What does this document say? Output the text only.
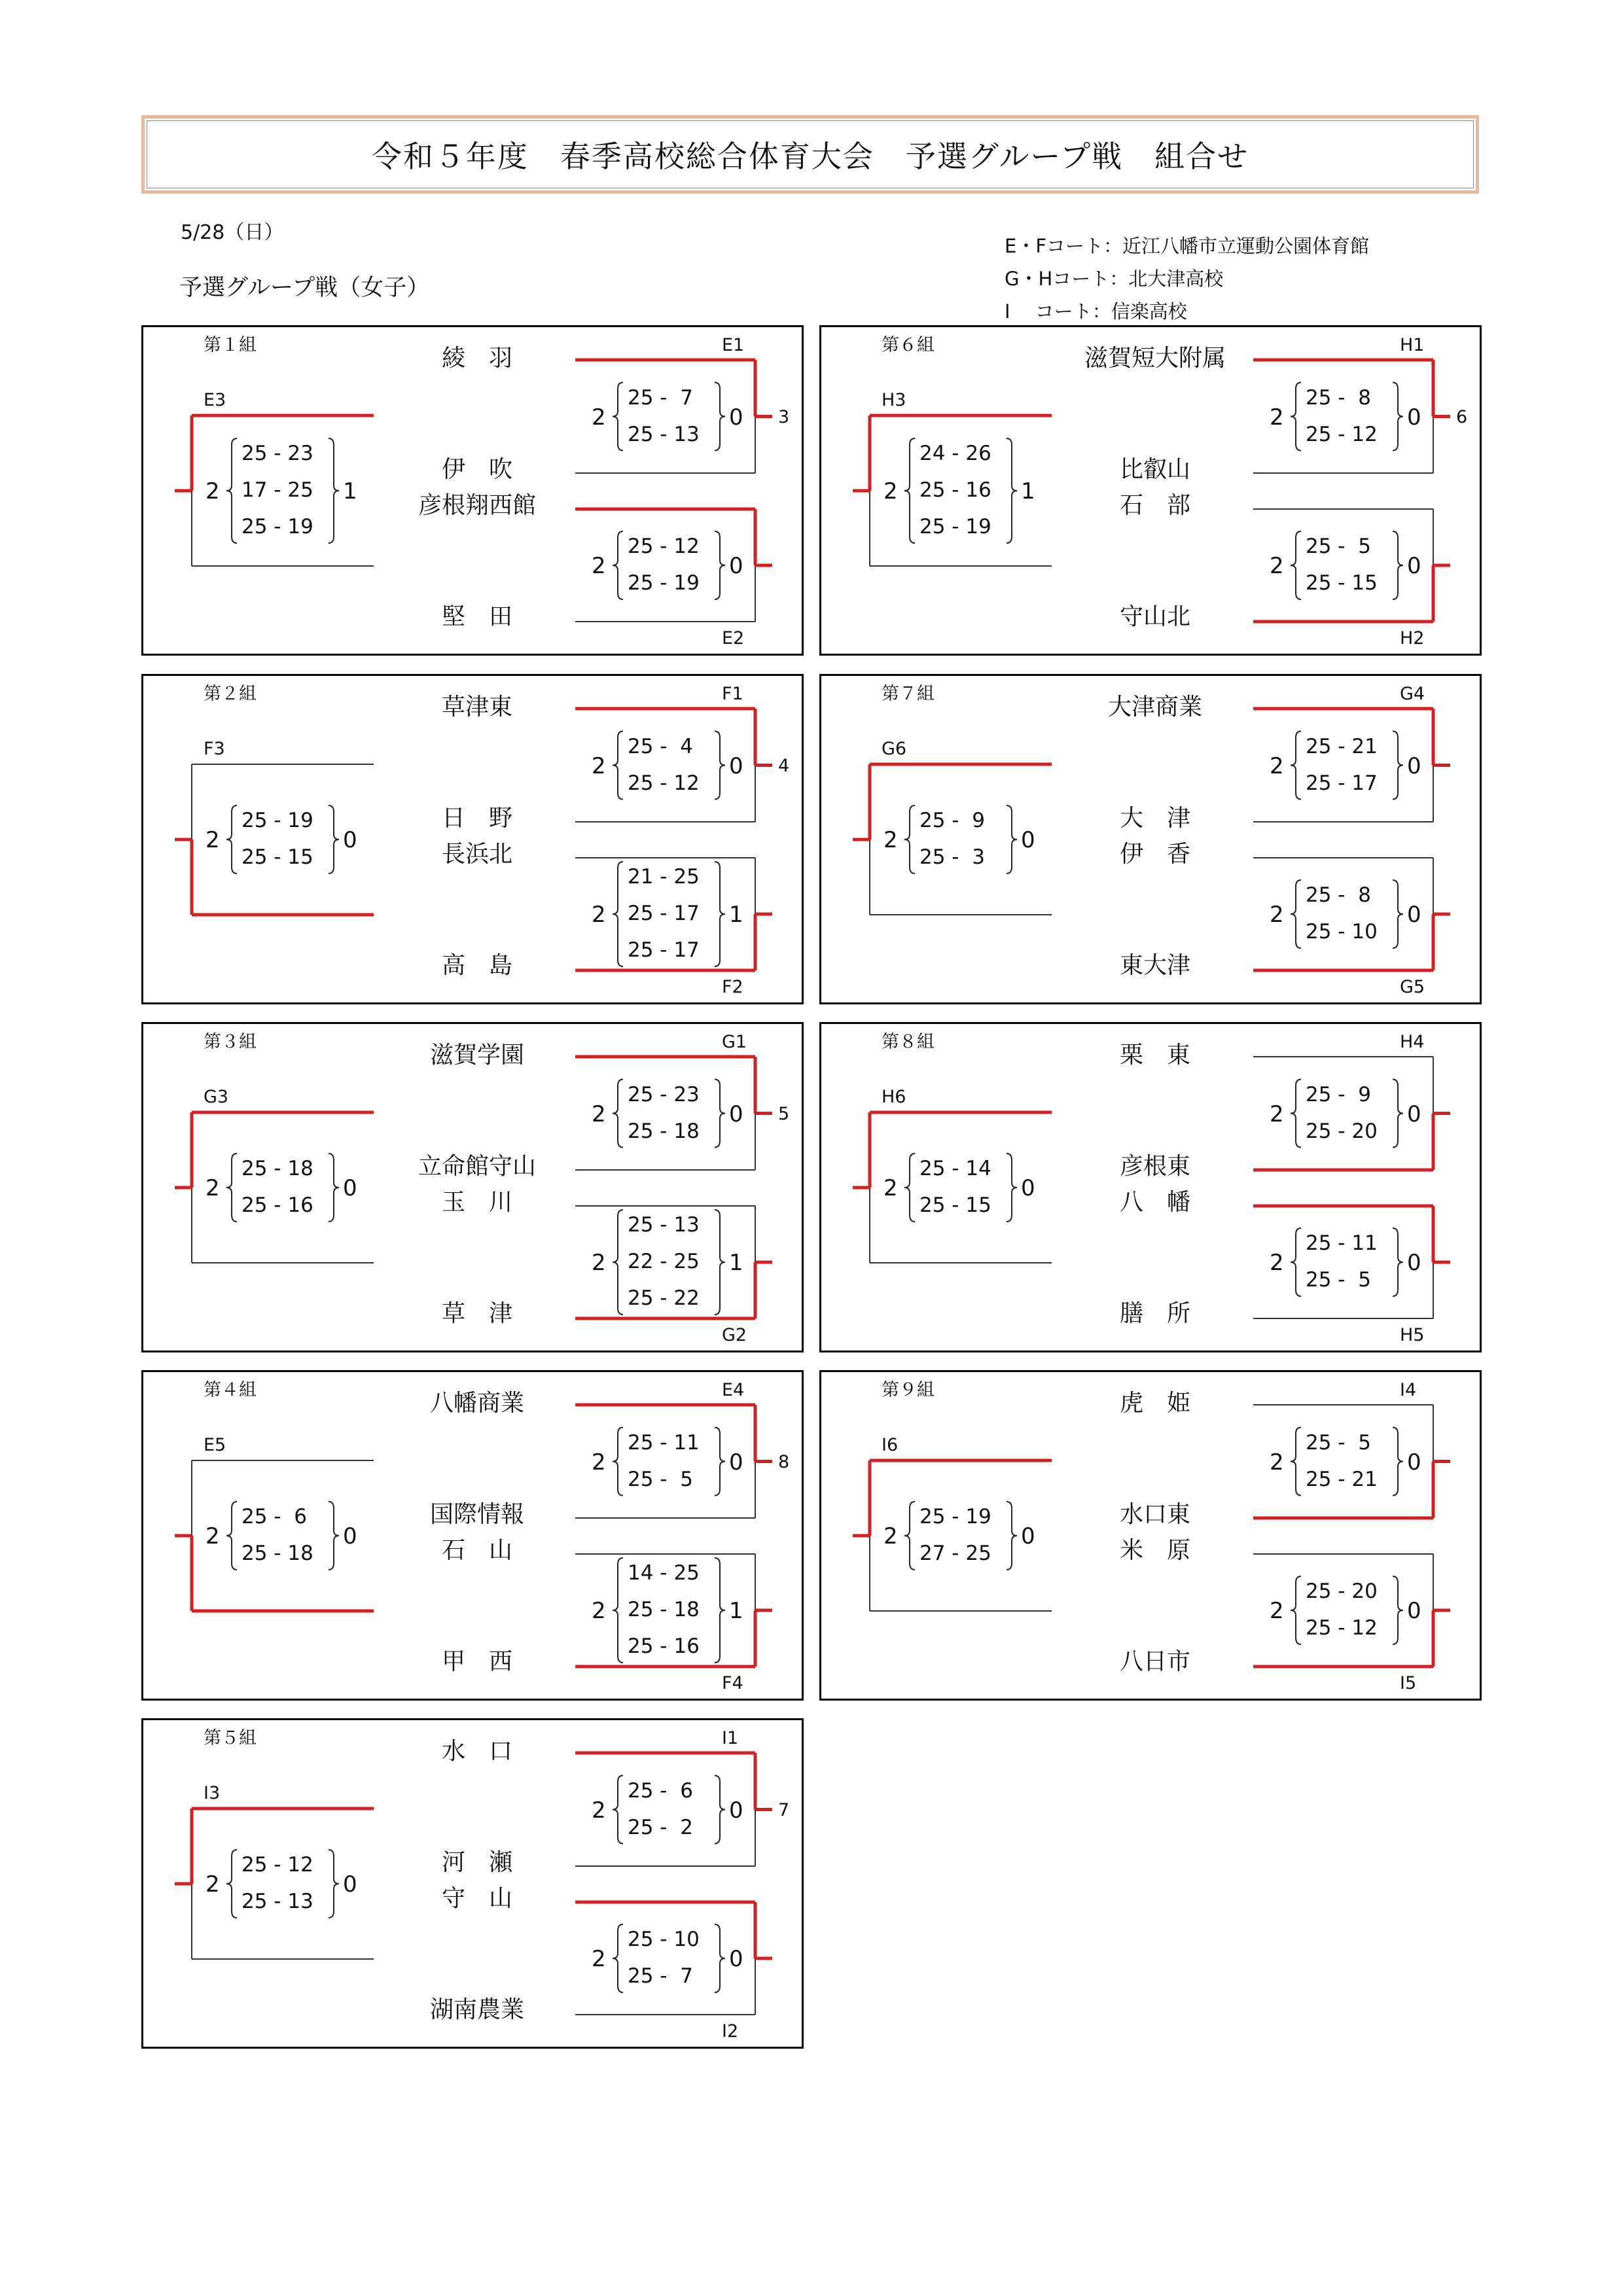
令和５年度　春季高校総合体育大会　予選グループ戦　組合せ
5/28（日）
予選グループ戦（女子）
E・Fコート：近江八幡市立運動公園体育館
G・Hコート：北大津高校
I　 コート：信楽高校
第１組	綾　羽
伊　吹
彦根翔西館
堅　田
E1
E2
E3
3
25 -  7
25 - 13
2	0
25 - 12
25 - 19
2	0
25 - 23
17 - 25
25 - 19
2	1
第２組	草津東
日　野
長浜北
高　島
F1
F2
F3
4
25 -  4
25 - 12
2	0
21 - 25
25 - 17
25 - 17
2	1
25 - 19
25 - 15
2	0
第３組	滋賀学園
立命館守山
玉　川
草　津
G1
G2
G3
5
25 - 23
25 - 18
2	0
25 - 13
22 - 25
25 - 22
2	1
25 - 18
25 - 16
2	0
第４組	八幡商業
国際情報
石　山
甲　西
E4
F4
E5
8
25 - 11
25 -  5
2	0
14 - 25
25 - 18
25 - 16
2	1
25 -  6
25 - 18
2	0
第５組	水　口
河　瀬
守　山
湖南農業
I1
I2
I3
7
25 -  6
25 -  2
2	0
25 - 10
25 -  7
2	0
25 - 12
25 - 13
2	0
第６組	滋賀短大附属
比叡山
石　部
守山北
H1
H2
H3
6
25 -  8
25 - 12
2	0
25 -  5
25 - 15
2	0
24 - 26
25 - 16
25 - 19
2	1
第７組	大津商業
大　津
伊　香
東大津
G4
G5
G6	25 - 21
25 - 17
2	0
25 -  8
25 - 10
2	0
25 -  9
25 -  3
2	0
第８組	栗　東
彦根東
八　幡
膳　所
H4
H5
H6	25 -  9
25 - 20
2	0
25 - 11
25 -  5
2	0
25 - 14
25 - 15
2	0
第９組	虎　姫
水口東
米　原
八日市
I4
I5
I6	25 -  5
25 - 21
2	0
25 - 20
25 - 12
2	0
25 - 19
27 - 25
2	0
